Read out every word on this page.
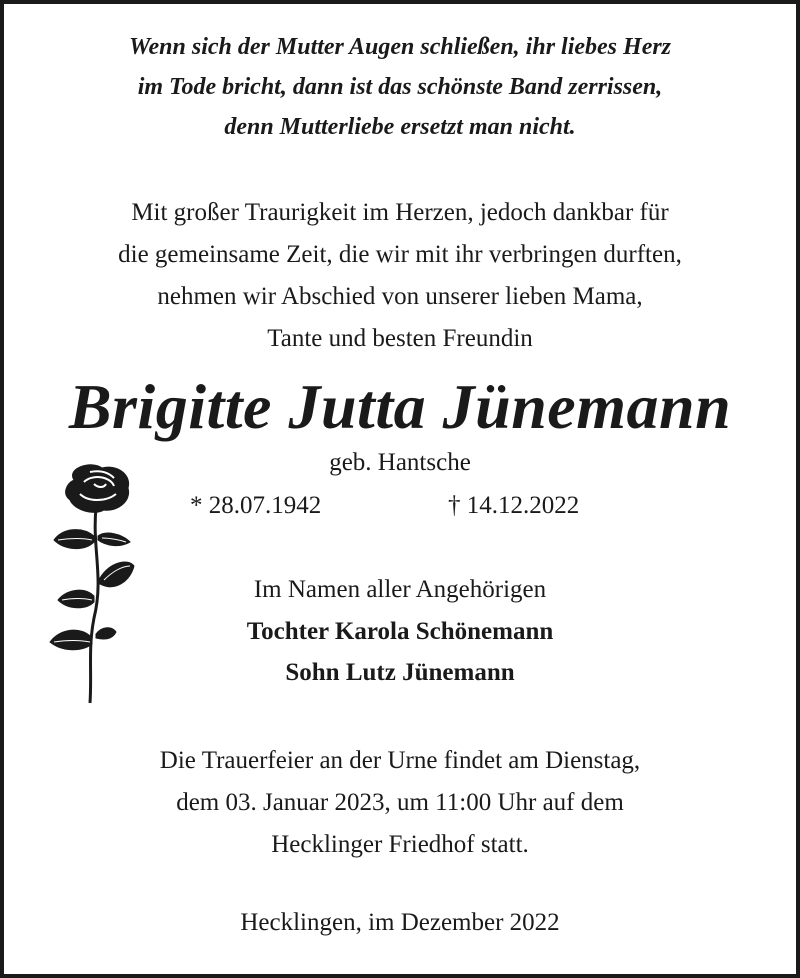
Wenn sich der Mutter Augen schließen, ihr liebes Herz
im Tode bricht, dann ist das schönste Band zerrissen,
denn Mutterliebe ersetzt man nicht.
Mit großer Traurigkeit im Herzen, jedoch dankbar für
die gemeinsame Zeit, die wir mit ihr verbringen durften,
nehmen wir Abschied von unserer lieben Mama,
Tante und besten Freundin
Brigitte Jutta Jünemann
geb. Hantsche
* 28.07.1942	† 14.12.2022
Im Namen aller Angehörigen
Tochter Karola Schönemann
Sohn Lutz Jünemann
Die Trauerfeier an der Urne findet am Dienstag,
dem 03. Januar 2023, um 11:00 Uhr auf dem
Hecklinger Friedhof statt.
Hecklingen, im Dezember 2022
